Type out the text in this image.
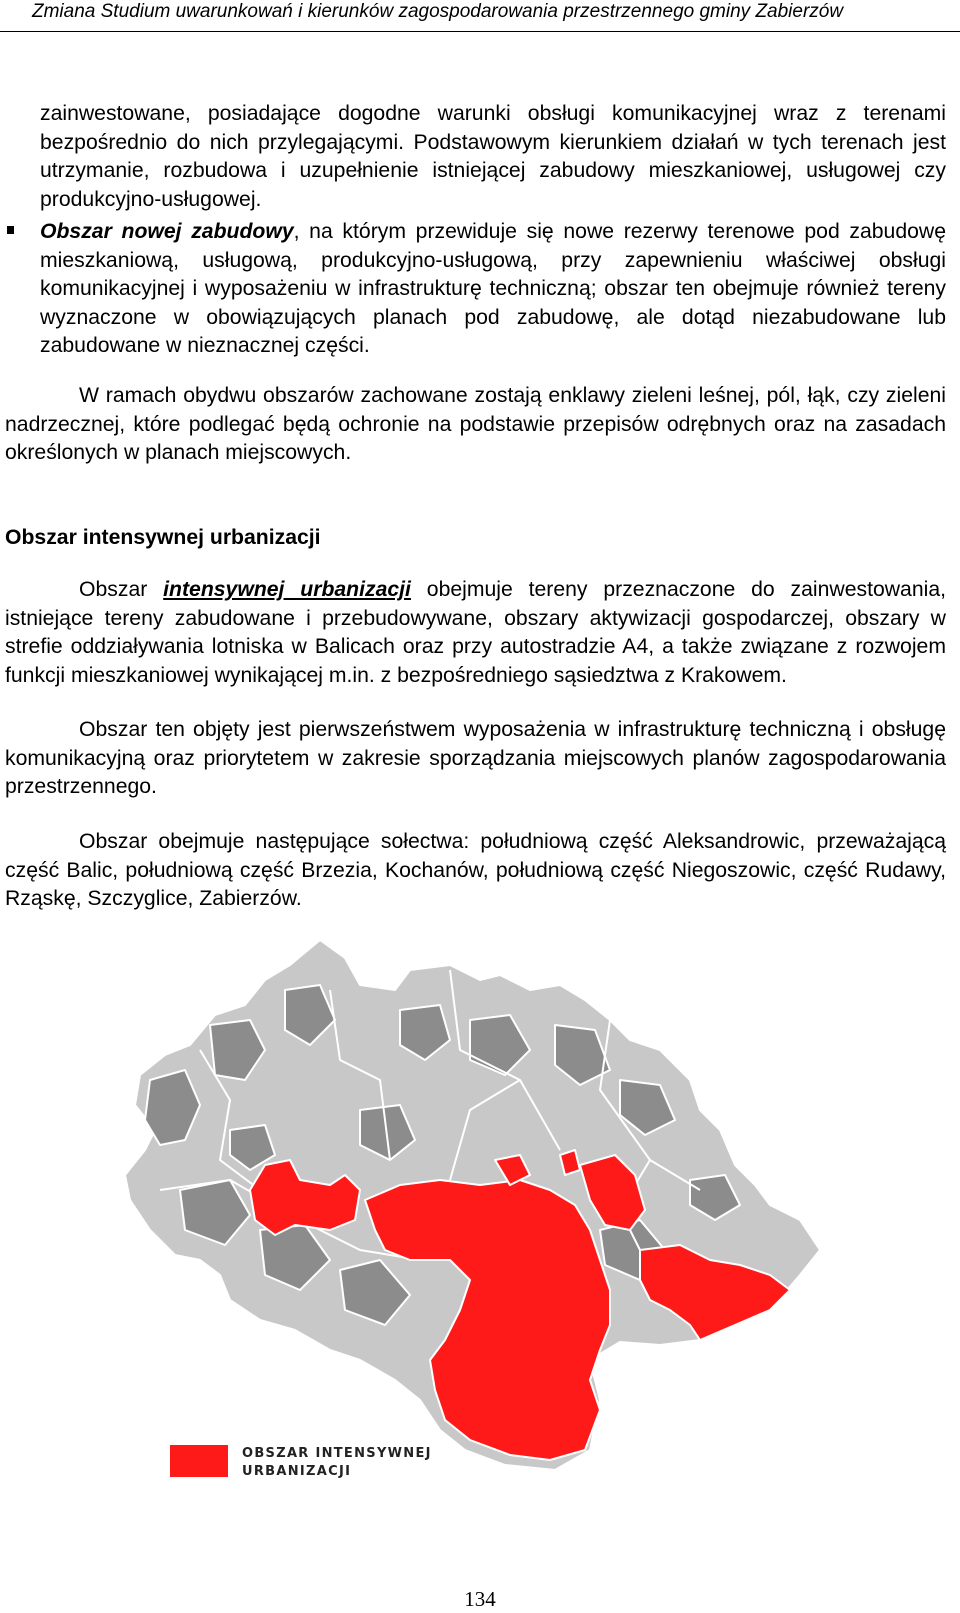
Zmiana Studium uwarunkowań i kierunków zagospodarowania przestrzennego gminy Zabierzów

zainwestowane, posiadające dogodne warunki obsługi komunikacyjnej wraz z terenami bezpośrednio do nich przylegającymi. Podstawowym kierunkiem działań w tych terenach jest utrzymanie, rozbudowa i uzupełnienie istniejącej zabudowy mieszkaniowej, usługowej czy produkcyjno-usługowej.

Obszar nowej zabudowy, na którym przewiduje się nowe rezerwy terenowe pod zabudowę mieszkaniową, usługową, produkcyjno-usługową, przy zapewnieniu właściwej obsługi komunikacyjnej i wyposażeniu w infrastrukturę techniczną; obszar ten obejmuje również tereny wyznaczone w obowiązujących planach pod zabudowę, ale dotąd niezabudowane lub zabudowane w nieznacznej części.

W ramach obydwu obszarów zachowane zostają enklawy zieleni leśnej, pól, łąk, czy zieleni nadrzecznej, które podlegać będą ochronie na podstawie przepisów odrębnych oraz na zasadach określonych w planach miejscowych.

Obszar intensywnej urbanizacji

Obszar intensywnej urbanizacji obejmuje tereny przeznaczone do zainwestowania, istniejące tereny zabudowane i przebudowywane, obszary aktywizacji gospodarczej, obszary w strefie oddziaływania lotniska w Balicach oraz przy autostradzie A4, a także związane z rozwojem funkcji mieszkaniowej wynikającej m.in. z bezpośredniego sąsiedztwa z Krakowem.

Obszar ten objęty jest pierwszeństwem wyposażenia w infrastrukturę techniczną i obsługę komunikacyjną oraz priorytetem w zakresie sporządzania miejscowych planów zagospodarowania przestrzennego.

Obszar obejmuje następujące sołectwa: południową część Aleksandrowic, przeważającą część Balic, południową część Brzezia, Kochanów, południową część Niegoszowic, część Rudawy, Rząskę, Szczyglice, Zabierzów.

OBSZAR INTENSYWNEJ
URBANIZACJI
134
